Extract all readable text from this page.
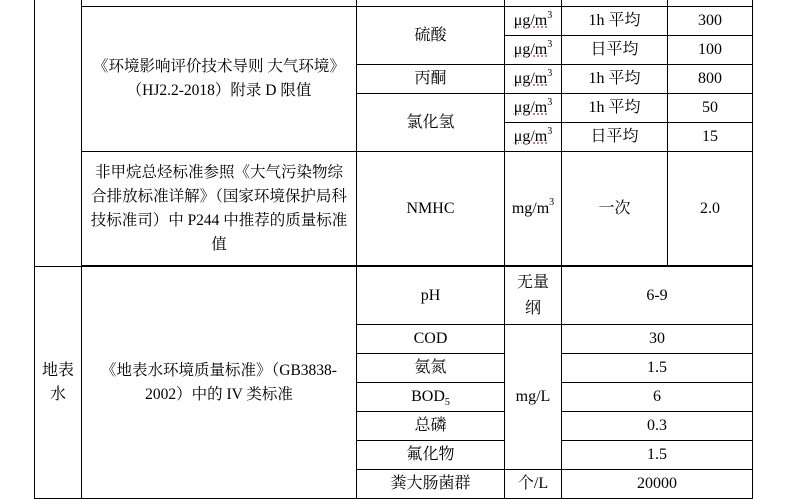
	《环境影响评价技术导则 大气环境》（HJ2.2-2018）附录 D 限值	硫酸	$\mu g/m^3$	1h 平均	300
			$\mu g/m^3$	日平均	100
		丙酮	$\mu g/m^3$	1h 平均	800
		氯化氢	$\mu g/m^3$	1h 平均	50
			$\mu g/m^3$	日平均	15
	非甲烷总烃标准参照《大气污染物综合排放标准详解》（国家环境保护局科技标准司）中 P244 中推荐的质量标准值	NMHC	$mg/m^3$	一次	2.0

地表水	《地表水环境质量标准》（GB3838-2002）中的 IV 类标准	pH	无量纲	6-9	
		COD	mg/L	30	
		氨氮		1.5	
		$BOD_5$		6	
		总磷		0.3	
		氟化物		1.5	
		粪大肠菌群	个/L	20000	
